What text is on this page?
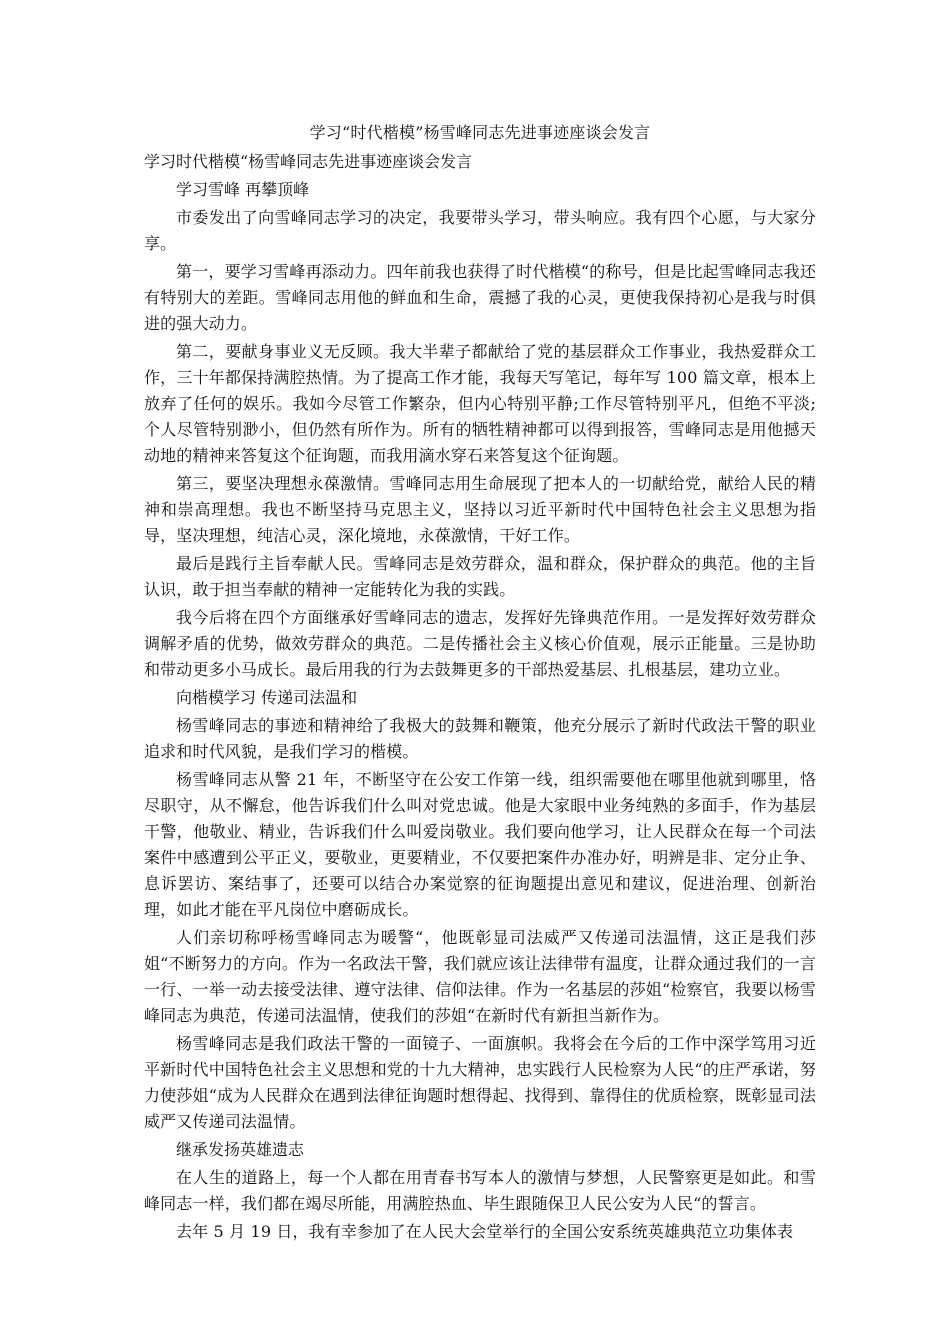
学习“时代楷模”杨雪峰同志先进事迹座谈会发言
学习时代楷模“杨雪峰同志先进事迹座谈会发言
学习雪峰 再攀顶峰

市委发出了向雪峰同志学习的决定，我要带头学习，带头响应。我有四个心愿，与大家分享。

第一，要学习雪峰再添动力。四年前我也获得了时代楷模“的称号，但是比起雪峰同志我还有特别大的差距。雪峰同志用他的鲜血和生命，震撼了我的心灵，更使我保持初心是我与时俱进的强大动力。

第二，要献身事业义无反顾。我大半辈子都献给了党的基层群众工作事业，我热爱群众工作，三十年都保持满腔热情。为了提高工作才能，我每天写笔记，每年写 100 篇文章，根本上放弃了任何的娱乐。我如今尽管工作繁杂，但内心特别平静;工作尽管特别平凡，但绝不平淡;个人尽管特别渺小，但仍然有所作为。所有的牺牲精神都可以得到报答，雪峰同志是用他撼天动地的精神来答复这个征询题，而我用滴水穿石来答复这个征询题。

第三，要坚决理想永葆激情。雪峰同志用生命展现了把本人的一切献给党，献给人民的精神和崇高理想。我也不断坚持马克思主义，坚持以习近平新时代中国特色社会主义思想为指导，坚决理想，纯洁心灵，深化境地，永葆激情，干好工作。

最后是践行主旨奉献人民。雪峰同志是效劳群众，温和群众，保护群众的典范。他的主旨认识，敢于担当奉献的精神一定能转化为我的实践。

我今后将在四个方面继承好雪峰同志的遗志，发挥好先锋典范作用。一是发挥好效劳群众调解矛盾的优势，做效劳群众的典范。二是传播社会主义核心价值观，展示正能量。三是协助和带动更多小马成长。最后用我的行为去鼓舞更多的干部热爱基层、扎根基层，建功立业。

向楷模学习 传递司法温和

杨雪峰同志的事迹和精神给了我极大的鼓舞和鞭策，他充分展示了新时代政法干警的职业追求和时代风貌，是我们学习的楷模。

杨雪峰同志从警 21 年，不断坚守在公安工作第一线，组织需要他在哪里他就到哪里，恪尽职守，从不懈怠，他告诉我们什么叫对党忠诚。他是大家眼中业务纯熟的多面手，作为基层干警，他敬业、精业，告诉我们什么叫爱岗敬业。我们要向他学习，让人民群众在每一个司法案件中感遭到公平正义，要敬业，更要精业，不仅要把案件办准办好，明辨是非、定分止争、息诉罢访、案结事了，还要可以结合办案觉察的征询题提出意见和建议，促进治理、创新治理，如此才能在平凡岗位中磨砺成长。

人们亲切称呼杨雪峰同志为暖警“，他既彰显司法威严又传递司法温情，这正是我们莎姐“不断努力的方向。作为一名政法干警，我们就应该让法律带有温度，让群众通过我们的一言一行、一举一动去接受法律、遵守法律、信仰法律。作为一名基层的莎姐“检察官，我要以杨雪峰同志为典范，传递司法温情，使我们的莎姐“在新时代有新担当新作为。

杨雪峰同志是我们政法干警的一面镜子、一面旗帜。我将会在今后的工作中深学笃用习近平新时代中国特色社会主义思想和党的十九大精神，忠实践行人民检察为人民“的庄严承诺，努力使莎姐“成为人民群众在遇到法律征询题时想得起、找得到、靠得住的优质检察，既彰显司法威严又传递司法温情。

继承发扬英雄遗志

在人生的道路上，每一个人都在用青春书写本人的激情与梦想，人民警察更是如此。和雪峰同志一样，我们都在竭尽所能，用满腔热血、毕生跟随保卫人民公安为人民“的誓言。

去年 5 月 19 日，我有幸参加了在人民大会堂举行的全国公安系统英雄典范立功集体表
